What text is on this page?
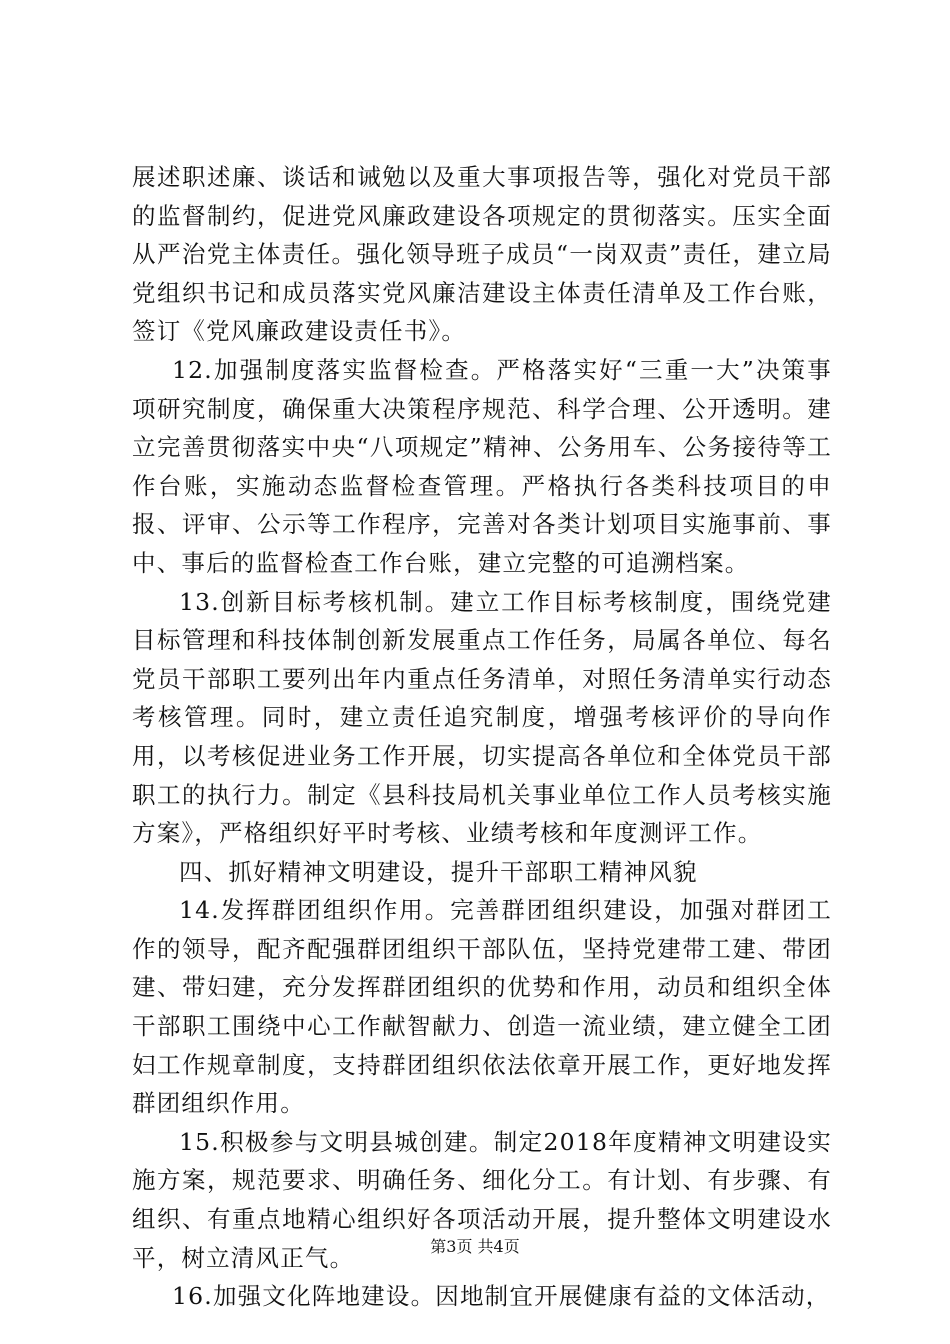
展述职述廉、谈话和诫勉以及重大事项报告等，强化对党员干部的监督制约，促进党风廉政建设各项规定的贯彻落实。压实全面从严治党主体责任。强化领导班子成员“一岗双责”责任，建立局党组织书记和成员落实党风廉洁建设主体责任清单及工作台账，签订《党风廉政建设责任书》。

12.加强制度落实监督检查。严格落实好“三重一大”决策事项研究制度，确保重大决策程序规范、科学合理、公开透明。建立完善贯彻落实中央“八项规定”精神、公务用车、公务接待等工作台账，实施动态监督检查管理。严格执行各类科技项目的申报、评审、公示等工作程序，完善对各类计划项目实施事前、事中、事后的监督检查工作台账，建立完整的可追溯档案。

13.创新目标考核机制。建立工作目标考核制度，围绕党建目标管理和科技体制创新发展重点工作任务，局属各单位、每名党员干部职工要列出年内重点任务清单，对照任务清单实行动态考核管理。同时，建立责任追究制度，增强考核评价的导向作用，以考核促进业务工作开展，切实提高各单位和全体党员干部职工的执行力。制定《县科技局机关事业单位工作人员考核实施方案》，严格组织好平时考核、业绩考核和年度测评工作。

四、抓好精神文明建设，提升干部职工精神风貌

14.发挥群团组织作用。完善群团组织建设，加强对群团工作的领导，配齐配强群团组织干部队伍，坚持党建带工建、带团建、带妇建，充分发挥群团组织的优势和作用，动员和组织全体干部职工围绕中心工作献智献力、创造一流业绩，建立健全工团妇工作规章制度，支持群团组织依法依章开展工作，更好地发挥群团组织作用。

15.积极参与文明县城创建。制定2018年度精神文明建设实施方案，规范要求、明确任务、细化分工。有计划、有步骤、有组织、有重点地精心组织好各项活动开展，提升整体文明建设水平，树立清风正气。

16.加强文化阵地建设。因地制宜开展健康有益的文体活动，

第3页 共4页
